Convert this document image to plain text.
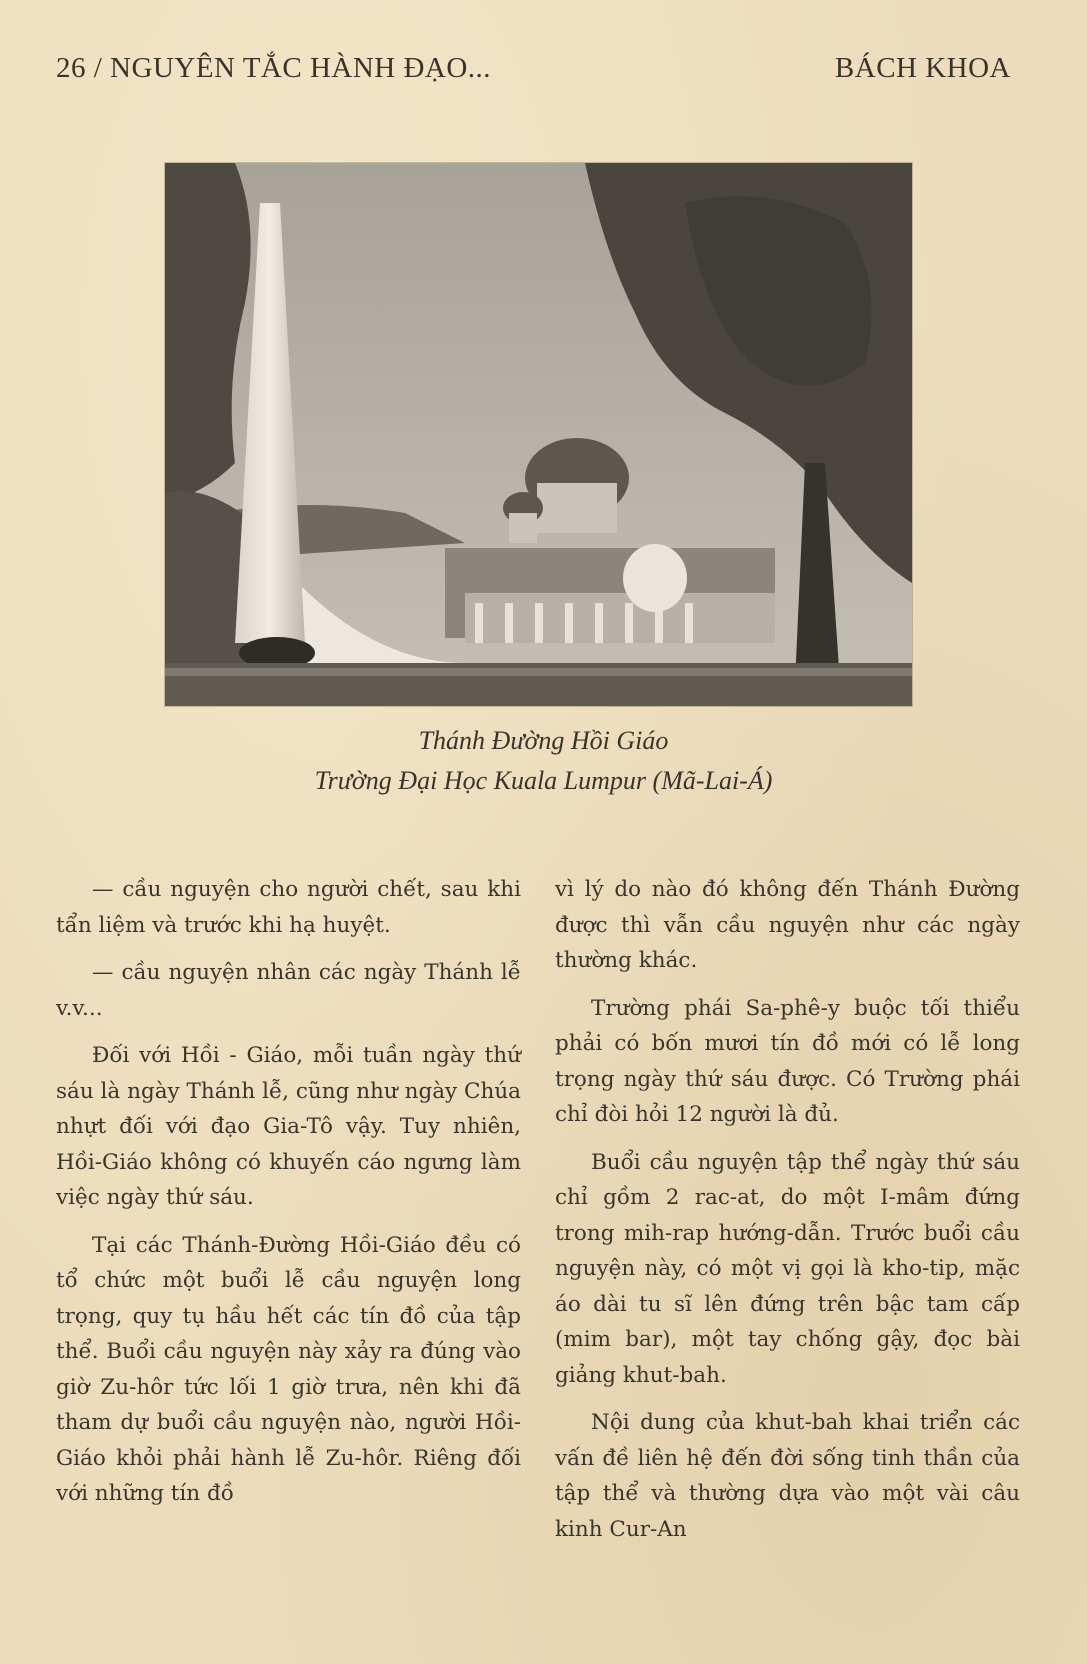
26 / NGUYÊN TẮC HÀNH ĐẠO...	BÁCH KHOA
Thánh Đường Hồi Giáo
Trường Đại Học Kuala Lumpur (Mã-Lai-Á)

— cầu nguyện cho người chết, sau khi tẩn liệm và trước khi hạ huyệt.

— cầu nguyện nhân các ngày Thánh lễ v.v...

Đối với Hồi - Giáo, mỗi tuần ngày thứ sáu là ngày Thánh lễ, cũng như ngày Chúa nhựt đối với đạo Gia-Tô vậy. Tuy nhiên, Hồi-Giáo không có khuyến cáo ngưng làm việc ngày thứ sáu.

Tại các Thánh-Đường Hồi-Giáo đều có tổ chức một buổi lễ cầu nguyện long trọng, quy tụ hầu hết các tín đồ của tập thể. Buổi cầu nguyện này xảy ra đúng vào giờ Zu-hôr tức lối 1 giờ trưa, nên khi đã tham dự buổi cầu nguyện nào, người Hồi-Giáo khỏi phải hành lễ Zu-hôr. Riêng đối với những tín đồ

vì lý do nào đó không đến Thánh Đường được thì vẫn cầu nguyện như các ngày thường khác.

Trường phái Sa-phê-y buộc tối thiểu phải có bốn mươi tín đồ mới có lễ long trọng ngày thứ sáu được. Có Trường phái chỉ đòi hỏi 12 người là đủ.

Buổi cầu nguyện tập thể ngày thứ sáu chỉ gồm 2 rac-at, do một I-mâm đứng trong mih-rap hướng-dẫn. Trước buổi cầu nguyện này, có một vị gọi là kho-tip, mặc áo dài tu sĩ lên đứng trên bậc tam cấp (mim bar), một tay chống gậy, đọc bài giảng khut-bah.

Nội dung của khut-bah khai triển các vấn đề liên hệ đến đời sống tinh thần của tập thể và thường dựa vào một vài câu kinh Cur-An
